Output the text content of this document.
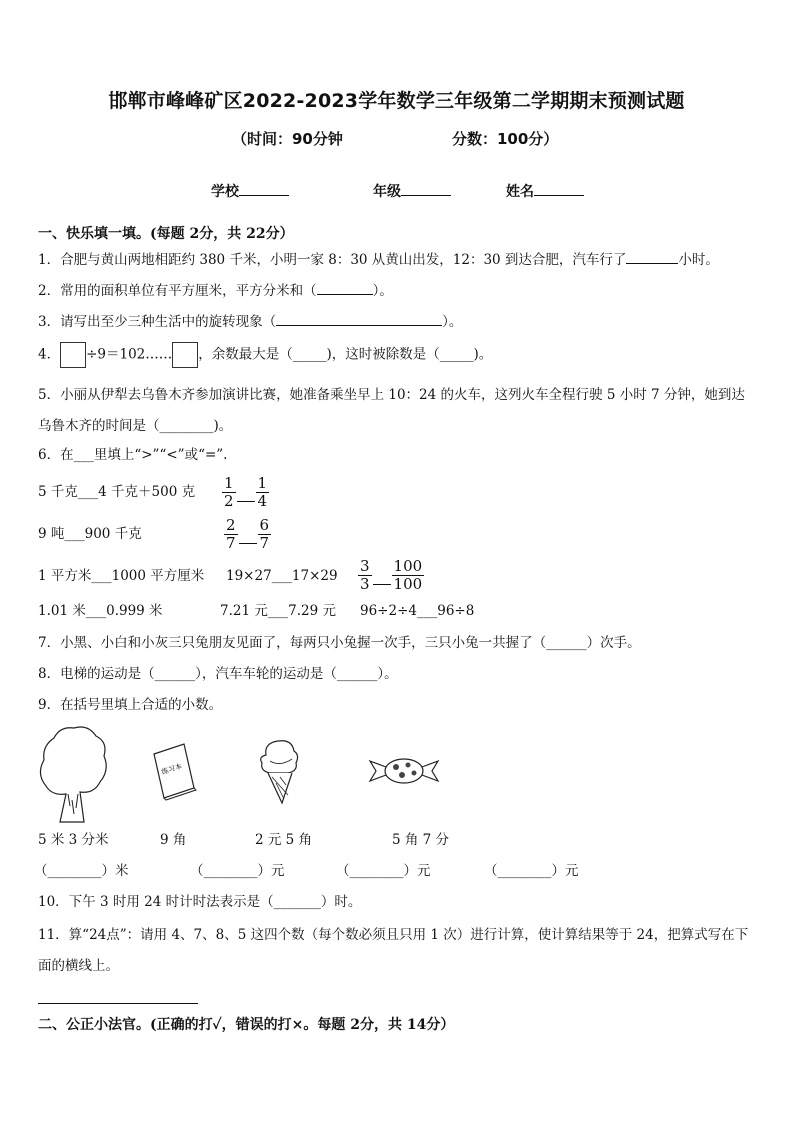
邯郸市峰峰矿区2022-2023学年数学三年级第二学期期末预测试题
（时间：90分钟	分数：100分）
学校	年级	姓名
一、快乐填一填。(每题 2分，共 22分）
1．合肥与黄山两地相距约 380 千米，小明一家 8：30 从黄山出发，12：30 到达合肥，汽车行了	小时。
2．常用的面积单位有平方厘米，平方分米和（	）。
3．请写出至少三种生活中的旋转现象（	）。
4． ÷9＝102…… ，余数最大是（_____)，这时被除数是（_____)。
5．小丽从伊犁去乌鲁木齐参加演讲比赛，她准备乘坐早上 10：24 的火车，这列火车全程行驶 5 小时 7 分钟，她到达乌鲁木齐的时间是（________)。
6．在___里填上“>”“<”或“=”.
5 千克___4 千克＋500 克 $\frac{1}{2} \frac{1}{4}$
9 吨___900 千克	$\frac{2}{7} \frac{6}{7}$
1 平方米___1000 平方厘米 19×27___17×29 $\frac{3}{3} \frac{100}{100}$
1.01 米___0.999 米	7.21 元___7.29 元 96÷2÷4___96÷8
7．小黑、小白和小灰三只兔朋友见面了，每两只小兔握一次手，三只小兔一共握了（______）次手。
8．电梯的运动是（______），汽车车轮的运动是（______）。
9．在括号里填上合适的小数。
练习本
5 米 3 分米	9 角	2 元 5 角	5 角 7 分
（________）米	（________）元	（________）元	（________）元
10．下午 3 时用 24 时计时法表示是（_______）时。
11．算“24点”：请用 4、7、8、5 这四个数（每个数必须且只用 1 次）进行计算，使计算结果等于 24，把算式写在下面的横线上。
二、公正小法官。(正确的打✓，错误的打×。每题 2分，共 14分）
